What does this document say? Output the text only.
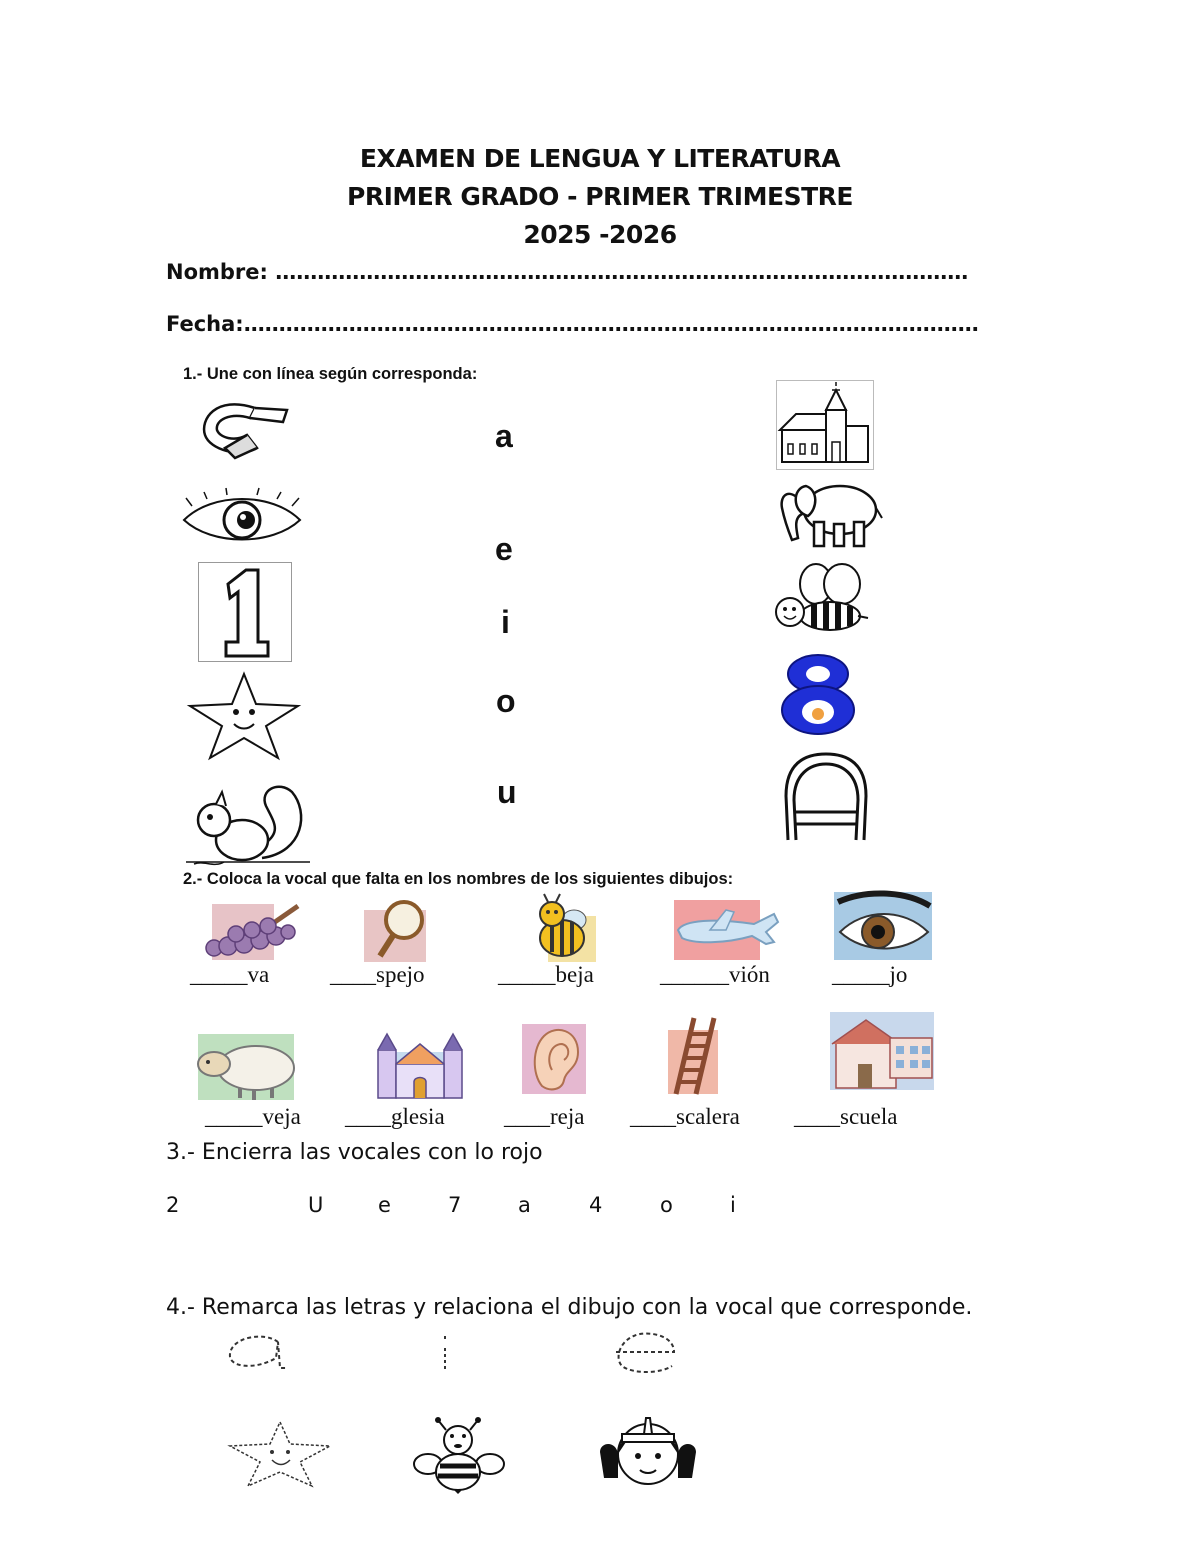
EXAMEN DE LENGUA Y LITERATURA
PRIMER GRADO - PRIMER TRIMESTRE
2025 -2026
Nombre: ………………………………………………………………………………………
Fecha:……………………………………………………………………………………………
1.- Une con línea según corresponda:
a
e
i
o
u
2.- Coloca la vocal que falta en los nombres de los siguientes dibujos:
_____va	____spejo	_____beja	______vión	_____jo
_____veja ____glesia	____reja ____scalera ____scuela
3.- Encierra las vocales con lo rojo
2	U	e	7	a	4	o	i
4.- Remarca las letras y relaciona el dibujo con la vocal que corresponde.
